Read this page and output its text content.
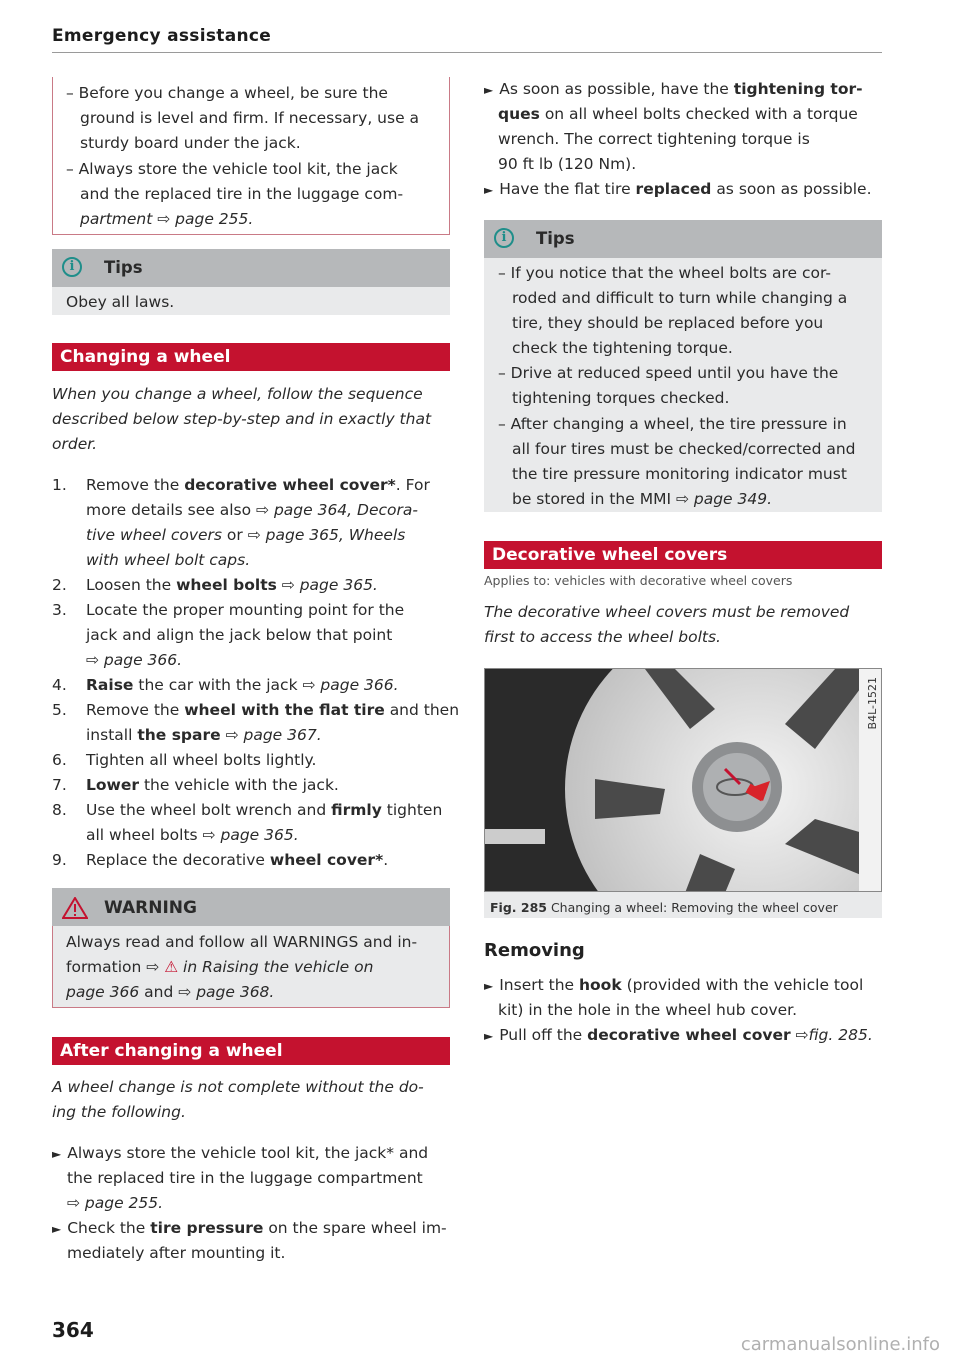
Emergency assistance
– Before you change a wheel, be sure the
ground is level and firm. If necessary, use a
sturdy board under the jack.
– Always store the vehicle tool kit, the jack
and the replaced tire in the luggage com-
partment ⇨ page 255.
i	Tips
Obey all laws.
Changing a wheel
When you change a wheel, follow the sequence
described below step-by-step and in exactly that
order.
1. Remove the decorative wheel cover*. For
more details see also ⇨ page 364, Decora-
tive wheel covers or ⇨ page 365, Wheels
with wheel bolt caps.
2. Loosen the wheel bolts ⇨ page 365.
3. Locate the proper mounting point for the
jack and align the jack below that point
⇨ page 366.
4. Raise the car with the jack ⇨ page 366.
5. Remove the wheel with the flat tire and then
install the spare ⇨ page 367.
6. Tighten all wheel bolts lightly.
7. Lower the vehicle with the jack.
8. Use the wheel bolt wrench and firmly tighten
all wheel bolts ⇨ page 365.
9. Replace the decorative wheel cover*.
WARNING
Always read and follow all WARNINGS and in-
formation ⇨ ⚠ in Raising the vehicle on
page 366 and ⇨ page 368.
After changing a wheel
A wheel change is not complete without the do-
ing the following.
► Always store the vehicle tool kit, the jack* and
the replaced tire in the luggage compartment
⇨ page 255.
► Check the tire pressure on the spare wheel im-
mediately after mounting it.
► As soon as possible, have the tightening tor-
ques on all wheel bolts checked with a torque
wrench. The correct tightening torque is
90 ft lb (120 Nm).
► Have the flat tire replaced as soon as possible.
i	Tips
– If you notice that the wheel bolts are cor-
roded and difficult to turn while changing a
tire, they should be replaced before you
check the tightening torque.
– Drive at reduced speed until you have the
tightening torques checked.
– After changing a wheel, the tire pressure in
all four tires must be checked/corrected and
the tire pressure monitoring indicator must
be stored in the MMI ⇨ page 349.
Decorative wheel covers
Applies to: vehicles with decorative wheel covers
The decorative wheel covers must be removed
first to access the wheel bolts.
B4L-1521
Fig. 285 Changing a wheel: Removing the wheel cover
Removing
► Insert the hook (provided with the vehicle tool
kit) in the hole in the wheel hub cover.
► Pull off the decorative wheel cover ⇨fig. 285.
364
carmanualsonline.info
